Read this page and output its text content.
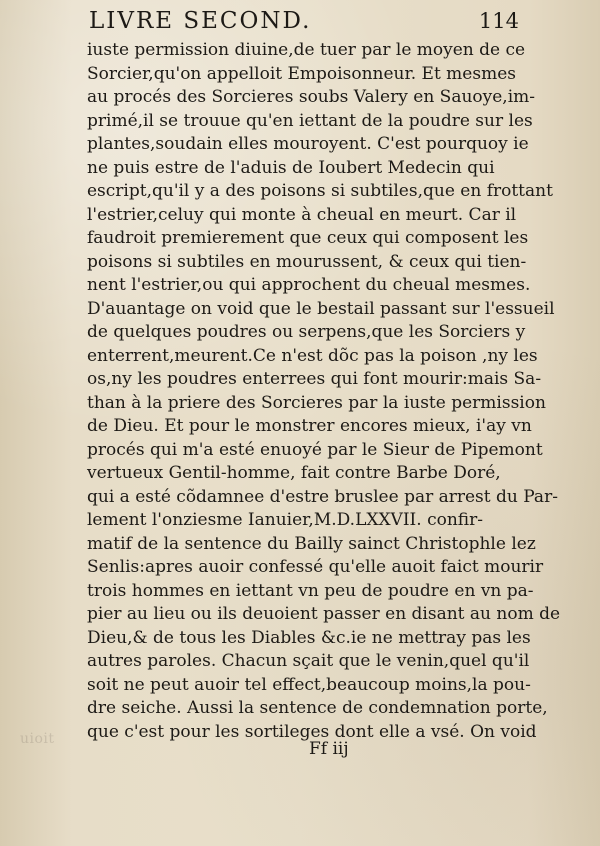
LIVRE SECOND.	114
iuste permission diuine,de tuer par le moyen de ce
Sorcier,qu'on appelloit Empoisonneur. Et mesmes
au procés des Sorcieres soubs Valery en Sauoye,im-
primé,il se trouue qu'en iettant de la poudre sur les
plantes,soudain elles mouroyent. C'est pourquoy ie
ne puis estre de l'aduis de Ioubert Medecin qui
escript,qu'il y a des poisons si subtiles,que en frottant
l'estrier,celuy qui monte à cheual en meurt. Car il
faudroit premierement que ceux qui composent les
poisons si subtiles en mourussent, & ceux qui tien-
nent l'estrier,ou qui approchent du cheual mesmes.
D'auantage on void que le bestail passant sur l'essueil
de quelques poudres ou serpens,que les Sorciers y
enterrent,meurent.Ce n'est dõc pas la poison ,ny les
os,ny les poudres enterrees qui font mourir:mais Sa-
than à la priere des Sorcieres par la iuste permission
de Dieu. Et pour le monstrer encores mieux, i'ay vn
procés qui m'a esté enuoyé par le Sieur de Pipemont
vertueux Gentil-homme, fait contre Barbe Doré,
qui a esté cõdamnee d'estre bruslee par arrest du Par-
lement l'onziesme Ianuier,M.D.LXXVII. confir-
matif de la sentence du Bailly sainct Christophle lez
Senlis:apres auoir confessé qu'elle auoit faict mourir
trois hommes en iettant vn peu de poudre en vn pa-
pier au lieu ou ils deuoient passer en disant au nom de
Dieu,& de tous les Diables &c.ie ne mettray pas les
autres paroles. Chacun sçait que le venin,quel qu'il
soit ne peut auoir tel effect,beaucoup moins,la pou-
dre seiche. Aussi la sentence de condemnation porte,
que c'est pour les sortileges dont elle a vsé. On void
Ff iij
uioit
